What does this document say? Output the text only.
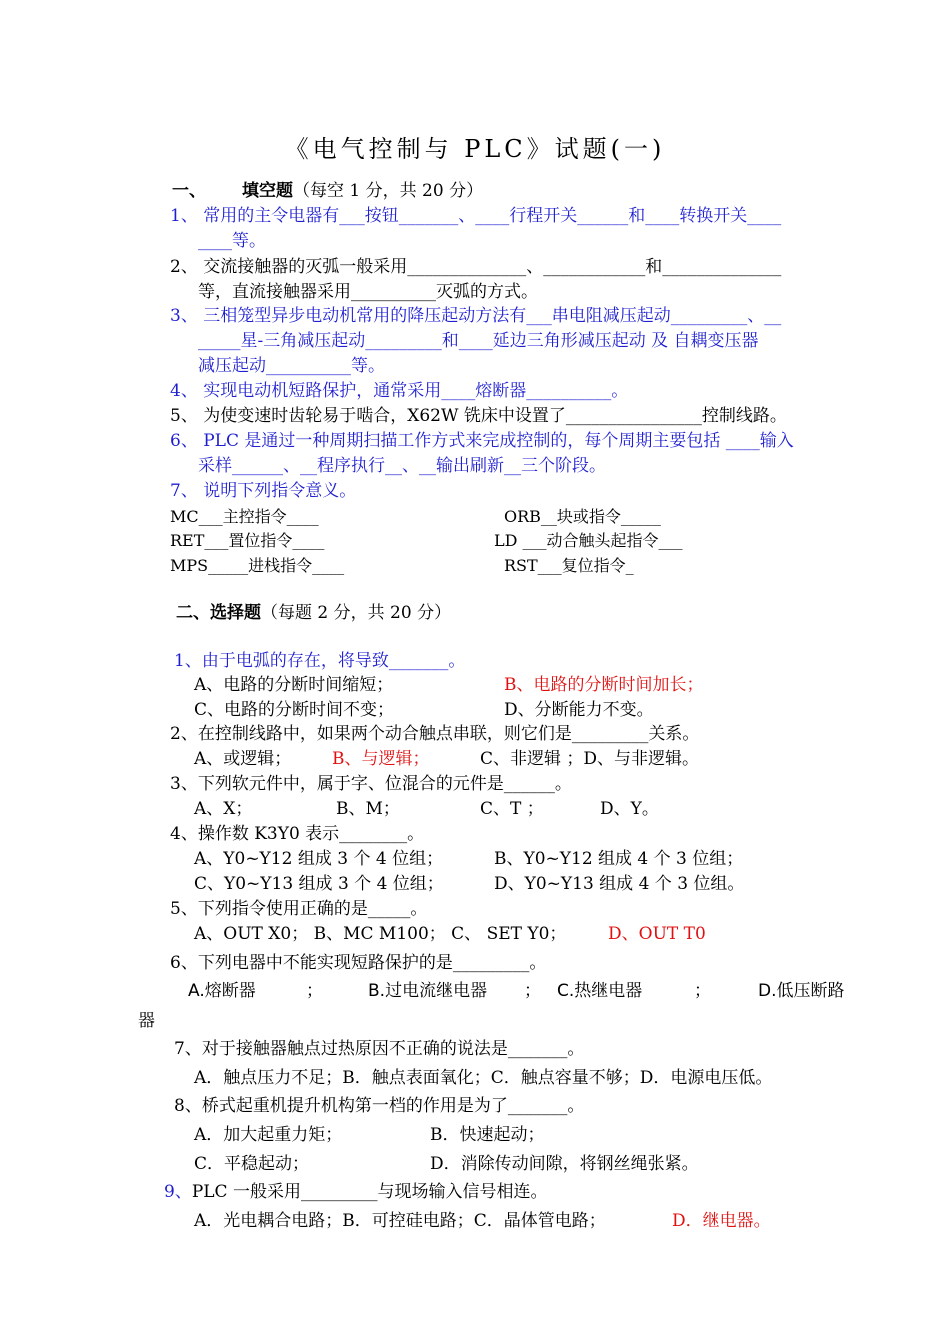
《电气控制与 PLC》试题(一)
一、 填空题（每空 1 分，共 20 分）
1、 常用的主令电器有___按钮_______、____行程开关______和____转换开关____
____等。
2、 交流接触器的灭弧一般采用______________、____________和______________
等，直流接触器采用__________灭弧的方式。
3、 三相笼型异步电动机常用的降压起动方法有___串电阻减压起动_________、__
_____星-三角减压起动_________和____延边三角形减压起动 及 自耦变压器
减压起动__________等。
4、 实现电动机短路保护，通常采用____熔断器__________。
5、 为使变速时齿轮易于啮合，X62W 铣床中设置了________________控制线路。
6、 PLC 是通过一种周期扫描工作方式来完成控制的，每个周期主要包括 ____输入
采样______、__程序执行__、__输出刷新__三个阶段。
7、 说明下列指令意义。
MC___主控指令____	ORB__块或指令_____
RET___置位指令____	LD ___动合触头起指令___
MPS_____进栈指令____	RST___复位指令_
二、选择题（每题 2 分，共 20 分）
1、由于电弧的存在，将导致_______。
A、电路的分断时间缩短；	B、电路的分断时间加长；
C、电路的分断时间不变；	D、分断能力不变。
2、在控制线路中，如果两个动合触点串联，则它们是_________关系。
A、或逻辑； B、与逻辑；	C、非逻辑 ；D、与非逻辑。
3、下列软元件中，属于字、位混合的元件是______。
A、X；	B、M；	C、T ；	D、Y。
4、操作数 K3Y0 表示________。
A、Y0~Y12 组成 3 个 4 位组；	B、Y0~Y12 组成 4 个 3 位组；
C、Y0~Y13 组成 3 个 4 位组；	D、Y0~Y13 组成 4 个 3 位组。
5、下列指令使用正确的是_____。
A、OUT X0； B、MC M100； C、 SET Y0； D、OUT T0
6、下列电器中不能实现短路保护的是_________。
A.熔断器	；	B.过电流继电器 ； C.热继电器	；	D.低压断路
器
7、对于接触器触点过热原因不正确的说法是_______。
A．触点压力不足；B．触点表面氧化；C．触点容量不够；D．电源电压低。
8、桥式起重机提升机构第一档的作用是为了_______。
A．加大起重力矩；	B．快速起动；
C．平稳起动；	D．消除传动间隙，将钢丝绳张紧。
9、PLC 一般采用_________与现场输入信号相连。
A．光电耦合电路；B．可控硅电路；C．晶体管电路；	D．继电器。
